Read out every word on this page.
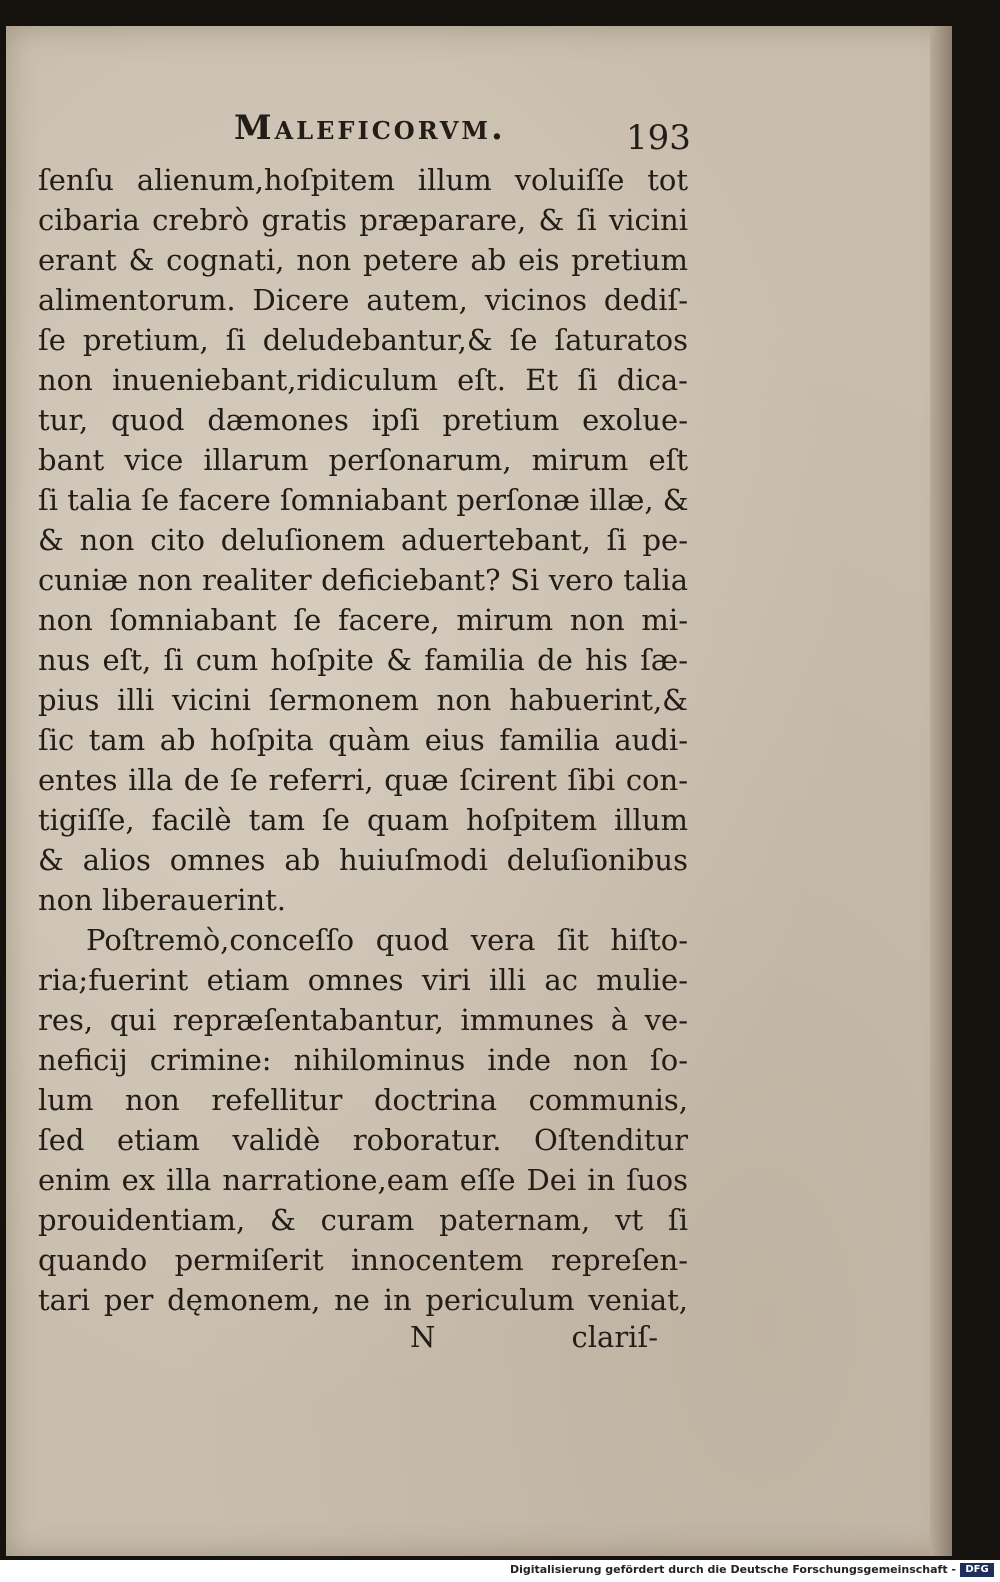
Maleficorvm.	193
ſenſu alienum,hoſpitem illum voluiſſe tot
cibaria crebrò gratis præparare, & ſi vicini
erant & cognati, non petere ab eis pretium
alimentorum. Dicere autem, vicinos dediſ-
ſe pretium, ſi deludebantur,& ſe ſaturatos
non inueniebant,ridiculum eſt. Et ſi dica-
tur, quod dæmones ipſi pretium exolue-
bant vice illarum perſonarum, mirum eſt
ſi talia ſe facere ſomniabant perſonæ illæ, &
& non cito deluſionem aduertebant, ſi pe-
cuniæ non realiter deficiebant? Si vero talia
non ſomniabant ſe facere, mirum non mi-
nus eſt, ſi cum hoſpite & familia de his ſæ-
pius illi vicini ſermonem non habuerint,&
ſic tam ab hoſpita quàm eius familia audi-
entes illa de ſe referri, quæ ſcirent ſibi con-
tigiſſe, facilè tam ſe quam hoſpitem illum
& alios omnes ab huiuſmodi deluſionibus
non liberauerint.
Poſtremò,conceſſo quod vera ſit hiſto-
ria;fuerint etiam omnes viri illi ac mulie-
res, qui repræſentabantur, immunes à ve-
neficij crimine: nihilominus inde non ſo-
lum non refellitur doctrina communis,
ſed etiam validè roboratur. Oſtenditur
enim ex illa narratione,eam eſſe Dei in ſuos
prouidentiam, & curam paternam, vt ſi
quando permiſerit innocentem repreſen-
tari per dęmonem, ne in periculum veniat,
N	clariſ-
Digitalisierung gefördert durch die Deutsche Forschungsgemeinschaft - DFG
